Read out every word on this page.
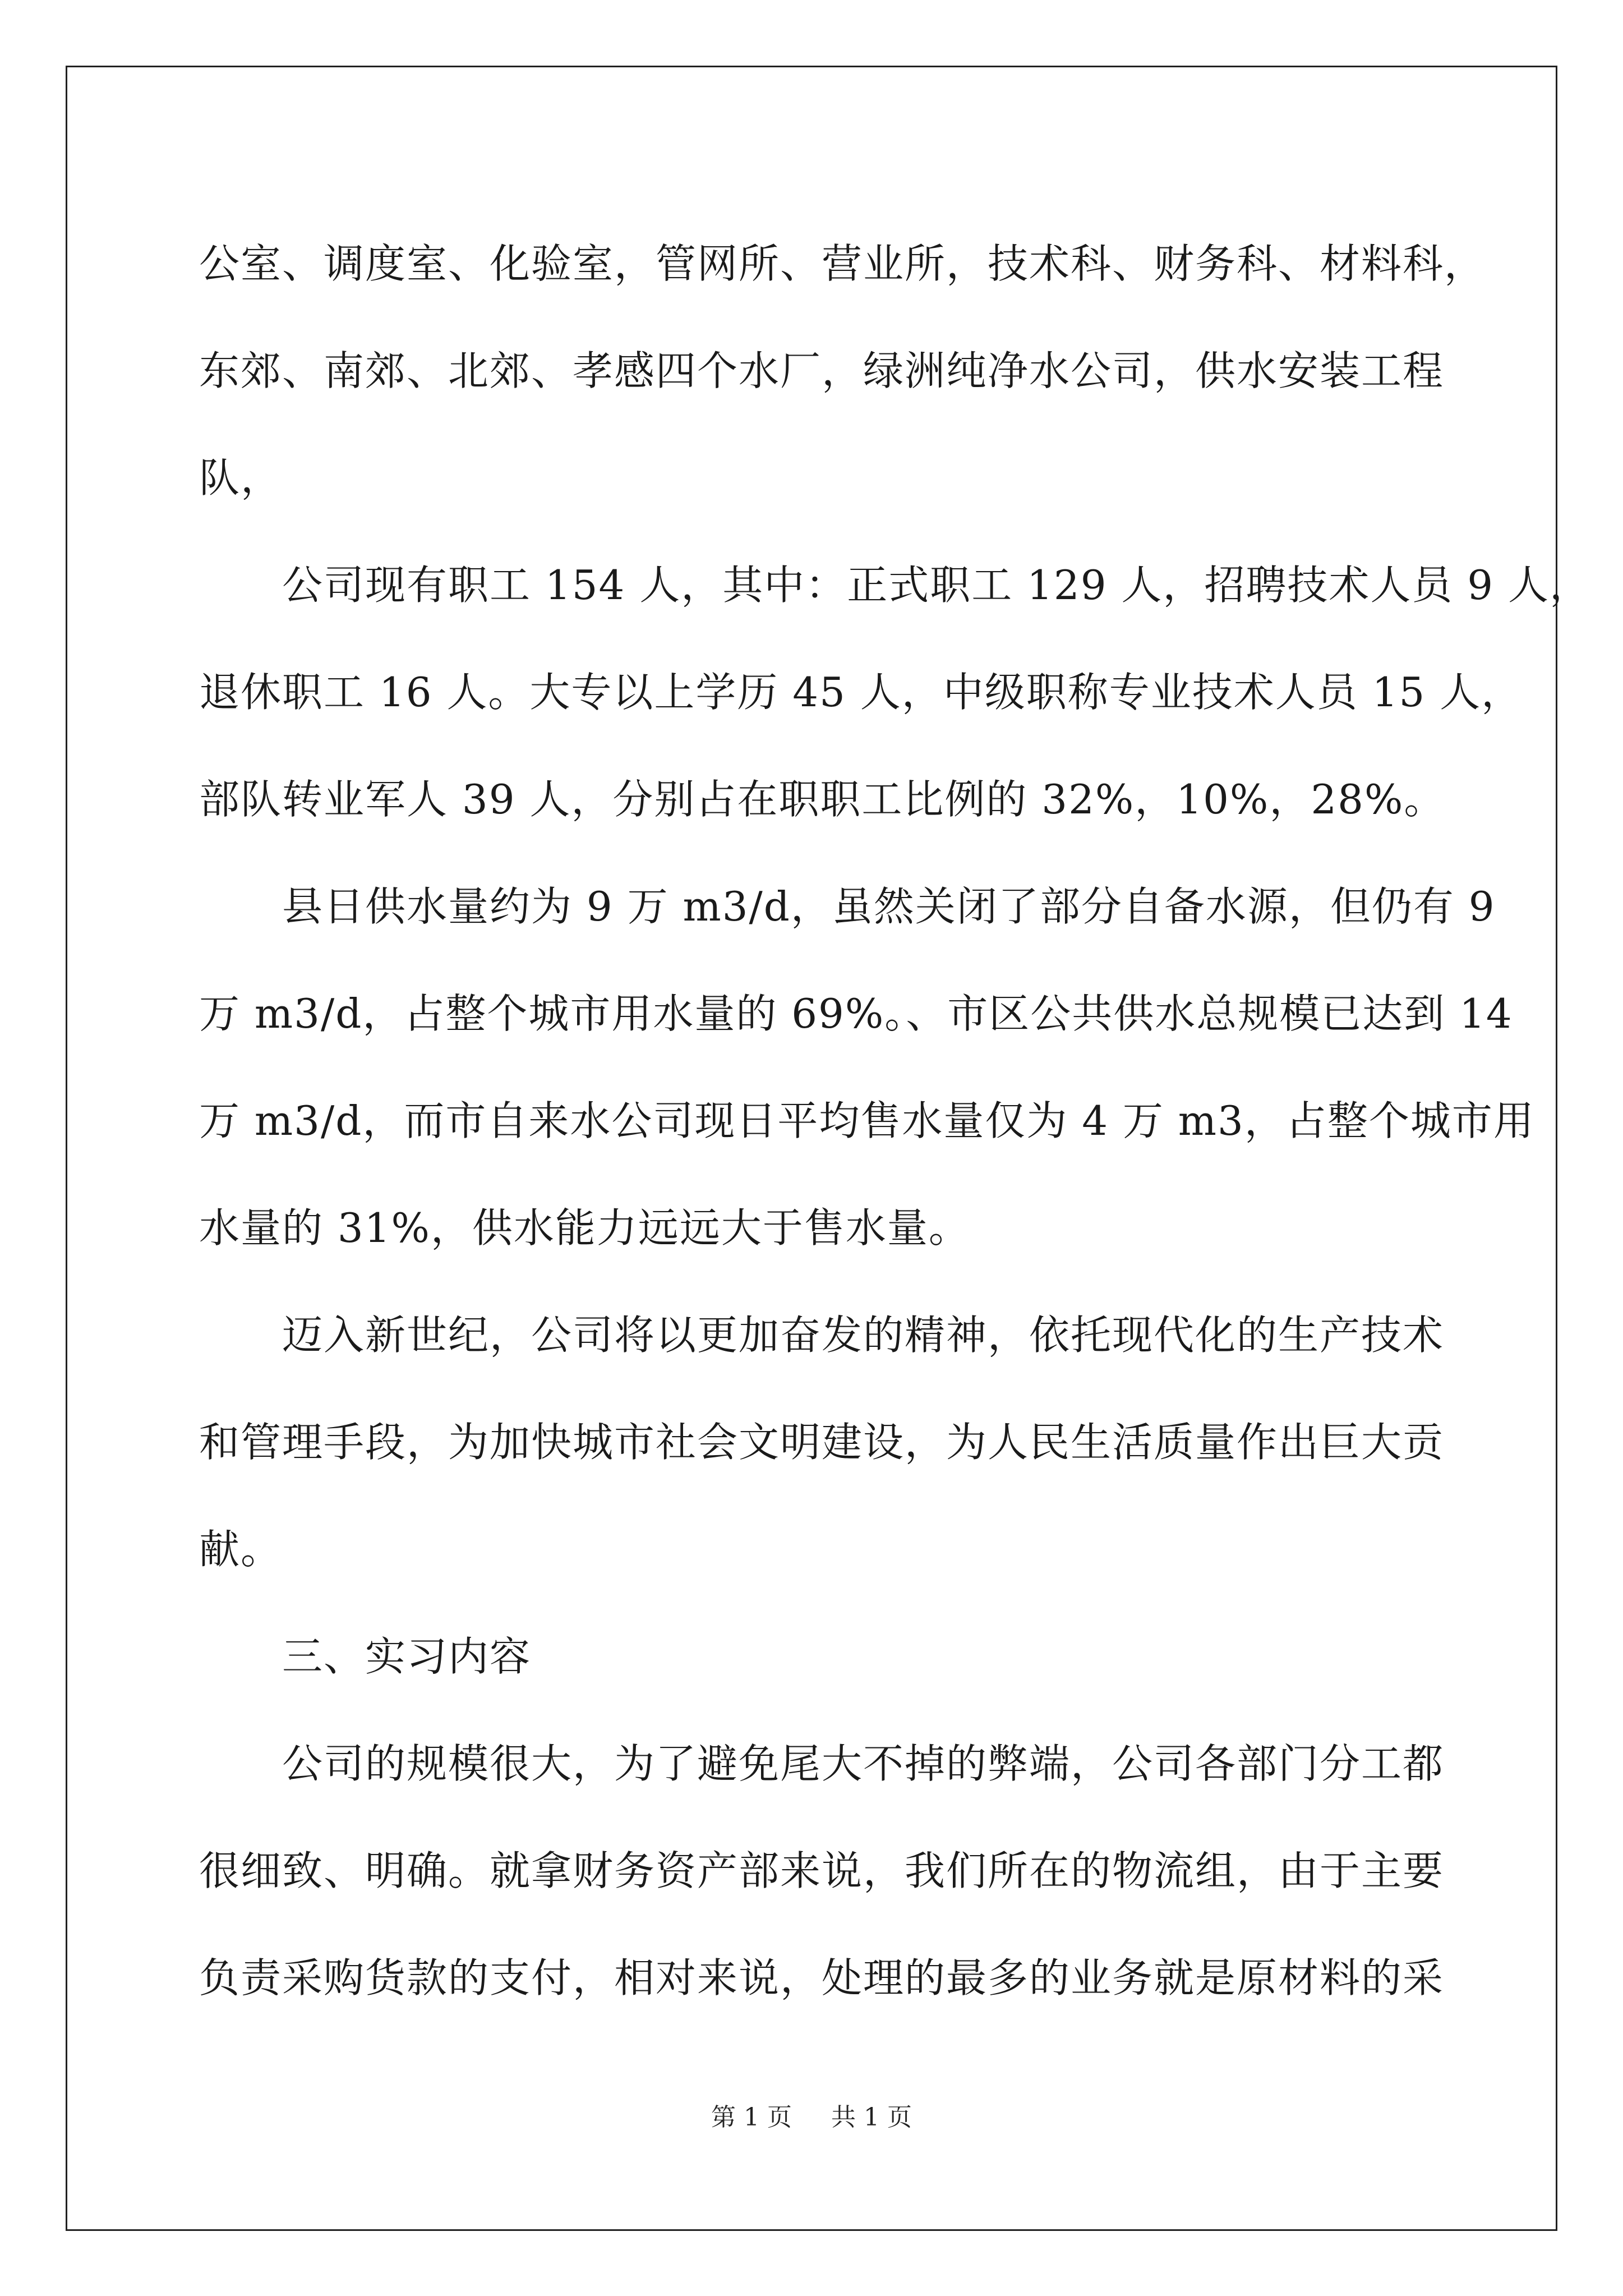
公室、调度室、化验室，管网所、营业所，技术科、财务科、材料科，
东郊、南郊、北郊、孝感四个水厂，绿洲纯净水公司，供水安装工程
队，
公司现有职工 154 人，其中：正式职工 129 人，招聘技术人员 9 人，
退休职工 16 人。大专以上学历 45 人，中级职称专业技术人员 15 人，
部队转业军人 39 人，分别占在职职工比例的 32%，10%，28%。
县日供水量约为 9 万 m3/d，虽然关闭了部分自备水源，但仍有 9
万 m3/d，占整个城市用水量的 69%。、市区公共供水总规模已达到 14
万 m3/d，而市自来水公司现日平均售水量仅为 4 万 m3，占整个城市用
水量的 31%，供水能力远远大于售水量。
迈入新世纪，公司将以更加奋发的精神，依托现代化的生产技术
和管理手段，为加快城市社会文明建设，为人民生活质量作出巨大贡
献。
三、实习内容
公司的规模很大，为了避免尾大不掉的弊端，公司各部门分工都
很细致、明确。就拿财务资产部来说，我们所在的物流组，由于主要
负责采购货款的支付，相对来说，处理的最多的业务就是原材料的采
第 1 页 共 1 页
